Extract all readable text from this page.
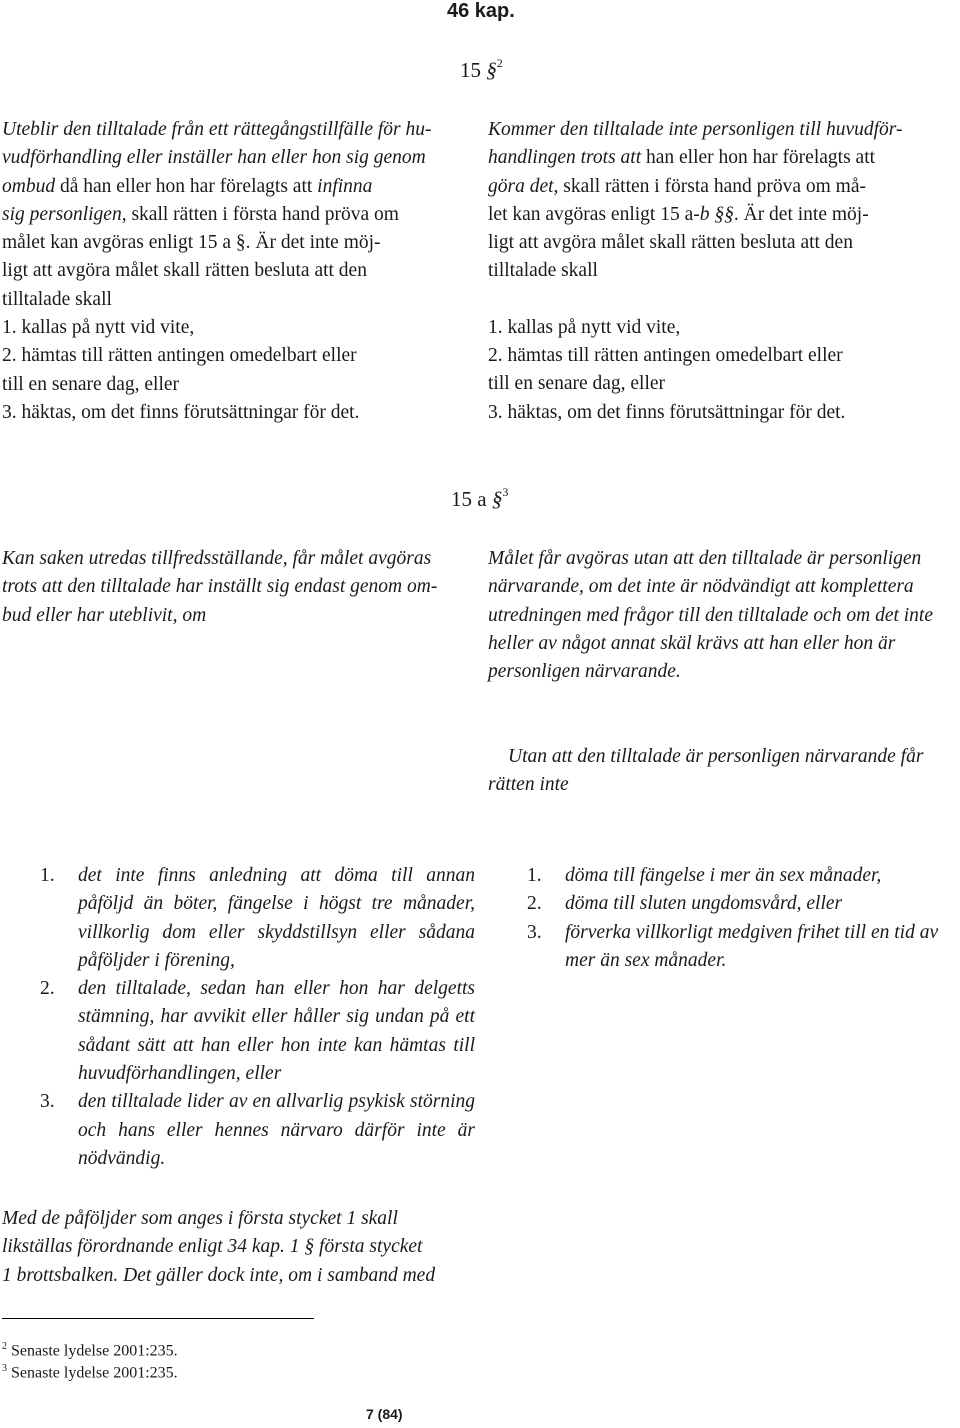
46 kap.
15 §$^2$
Uteblir den tilltalade från ett rättegångstillfälle för hu-
vudförhandling eller inställer han eller hon sig genom
ombud då han eller hon har förelagts att infinna
sig personligen, skall rätten i första hand pröva om
målet kan avgöras enligt 15 a §. Är det inte möj-
ligt att avgöra målet skall rätten besluta att den
tilltalade skall
1. kallas på nytt vid vite,
2. hämtas till rätten antingen omedelbart eller
till en senare dag, eller
3. häktas, om det finns förutsättningar för det.
Kommer den tilltalade inte personligen till huvudför-
handlingen trots att han eller hon har förelagts att
göra det, skall rätten i första hand pröva om må-
let kan avgöras enligt 15 a-b §§. Är det inte möj-
ligt att avgöra målet skall rätten besluta att den
tilltalade skall

1. kallas på nytt vid vite,
2. hämtas till rätten antingen omedelbart eller
till en senare dag, eller
3. häktas, om det finns förutsättningar för det.
15 a §$^3$
Kan saken utredas tillfredsställande, får målet avgöras
trots att den tilltalade har inställt sig endast genom om-
bud eller har uteblivit, om
Målet får avgöras utan att den tilltalade är personligen
närvarande, om det inte är nödvändigt att komplettera
utredningen med frågor till den tilltalade och om det inte
heller av något annat skäl krävs att han eller hon är
personligen närvarande.
Utan att den tilltalade är personligen närvarande får
rätten inte
1.	det inte finns anledning att döma till annan påföljd än böter, fängelse i högst tre månader, villkorlig dom eller skyddstillsyn eller sådana påföljder i förening,
2.	den tilltalade, sedan han eller hon har delgetts stämning, har avvikit eller håller sig undan på ett sådant sätt att han eller hon inte kan hämtas till huvudförhandlingen, eller
3.	den tilltalade lider av en allvarlig psykisk störning och hans eller hennes närvaro därför inte är nödvändig.
1.	döma till fängelse i mer än sex månader,
2.	döma till sluten ungdomsvård, eller
3.	förverka villkorligt medgiven frihet till en tid av mer än sex månader.
Med de påföljder som anges i första stycket 1 skall
likställas förordnande enligt 34 kap. 1 § första stycket
1 brottsbalken. Det gäller dock inte, om i samband med
$^2$ Senaste lydelse 2001:235.
$^3$ Senaste lydelse 2001:235.
7 (84)
